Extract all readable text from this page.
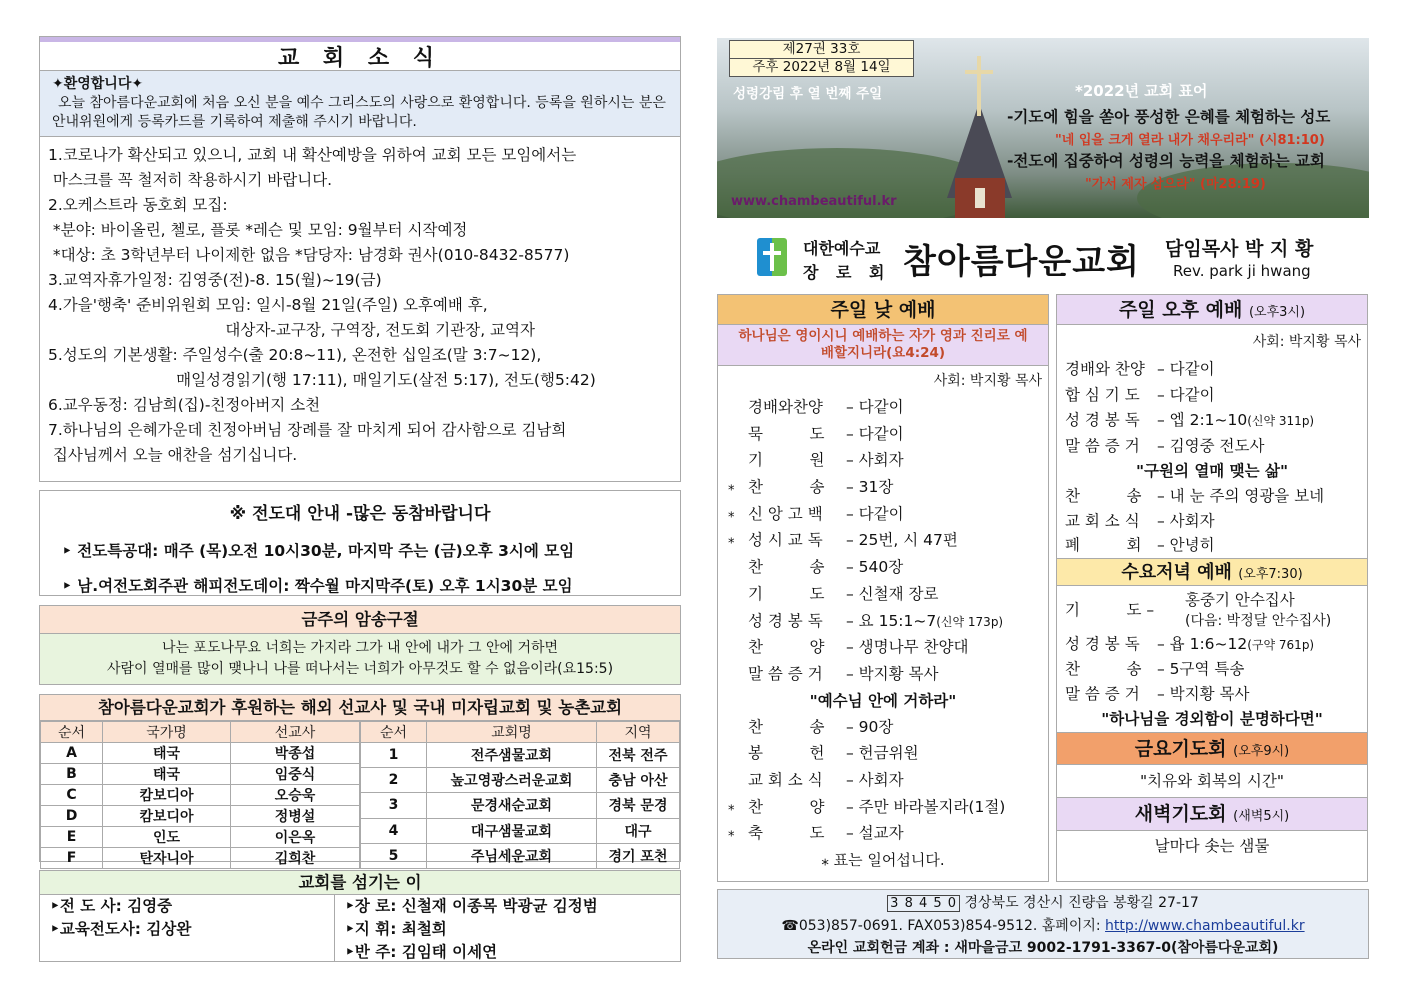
교 회 소 식
✦환영합니다✦
오늘 참아름다운교회에 처음 오신 분을 예수 그리스도의 사랑으로 환영합니다. 등록을 원하시는 분은 안내위원에게 등록카드를 기록하여 제출해 주시기 바랍니다.
1.코로나가 확산되고 있으니, 교회 내 확산예방을 위하여 교회 모든 모임에서는
마스크를 꼭 철저히 착용하시기 바랍니다.
2.오케스트라 동호회 모집:
*분야: 바이올린, 첼로, 플롯 *레슨 및 모임: 9월부터 시작예정
*대상: 초 3학년부터 나이제한 없음 *담당자: 남경화 권사(010-8432-8577)
3.교역자휴가일정: 김영중(전)-8. 15(월)~19(금)
4.가을'행축' 준비위원회 모임: 일시-8월 21일(주일) 오후예배 후,
대상자-교구장, 구역장, 전도회 기관장, 교역자
5.성도의 기본생활: 주일성수(출 20:8~11), 온전한 십일조(말 3:7~12),
매일성경읽기(행 17:11), 매일기도(살전 5:17), 전도(행5:42)
6.교우동정: 김남희(집)-친정아버지 소천
7.하나님의 은혜가운데 친정아버님 장례를 잘 마치게 되어 감사함으로 김남희
집사님께서 오늘 애찬을 섬기십니다.
※ 전도대 안내 -많은 동참바랍니다
‣ 전도특공대: 매주 (목)오전 10시30분, 마지막 주는 (금)오후 3시에 모임
‣ 남.여전도회주관 해피전도데이: 짝수월 마지막주(토) 오후 1시30분 모임
금주의 암송구절
나는 포도나무요 너희는 가지라 그가 내 안에 내가 그 안에 거하면
사람이 열매를 많이 맺나니 나를 떠나서는 너희가 아무것도 할 수 없음이라(요15:5)
참아름다운교회가 후원하는 해외 선교사 및 국내 미자립교회 및 농촌교회
순서	국가명	선교사
A	태국	박종섭
B	태국	임중식
C	캄보디아	오승욱
D	캄보디아	정병설
E	인도	이은옥
F	탄자니아	김희찬
순서	교회명	지역
1	전주샘물교회	전북 전주
2	높고영광스러운교회	충남 아산
3	문경새순교회	경북 문경
4	대구샘물교회	대구
5	주님세운교회	경기 포천
교회를 섬기는 이
‣전 도 사: 김영중
‣교육전도사: 김상완
‣장 로: 신철재 이종목 박광균 김정범
‣지 휘: 최철희
‣반 주: 김임태 이세연
제27권 33호
주후 2022년 8월 14일
성령강림 후 열 번째 주일	*2022년 교회 표어
-기도에 힘을 쏟아 풍성한 은혜를 체험하는 성도
"네 입을 크게 열라 내가 채우리라" (시81:10)
-전도에 집중하여 성령의 능력을 체험하는 교회
"가서 제자 삼으라" (마28:19)
www.chambeautiful.kr
대한예수교
장 로 회 참아름다운교회 담임목사 박 지 황
Rev. park ji hwang
주일 낮 예배
하나님은 영이시니 예배하는 자가 영과 진리로 예배할지니라(요4:24)
사회: 박지황 목사
경배와찬양 – 다같이
묵　　　도 – 다같이
기　　　원 – 사회자
⁎ 찬　　　송 – 31장
⁎ 신 앙 고 백 – 다같이
⁎ 성 시 교 독 – 25번, 시 47편
찬　　　송 – 540장
기　　　도 – 신철재 장로
성 경 봉 독 – 요 15:1~7(신약 173p)
찬　　　양 – 생명나무 찬양대
말 씀 증 거 – 박지황 목사
"예수님 안에 거하라"
찬　　　송 – 90장
봉　　　헌 – 헌금위원
교 회 소 식 – 사회자
⁎ 찬　　　양 – 주만 바라볼지라(1절)
⁎ 축　　　도 – 설교자
⁎ 표는 일어섭니다.
주일 오후 예배 (오후3시)
사회: 박지황 목사
경배와 찬양 – 다같이
합 심 기 도 – 다같이
성 경 봉 독 – 엡 2:1~10(신약 311p)
말 씀 증 거 – 김영중 전도사
"구원의 열매 맺는 삶"
찬　　　송 – 내 눈 주의 영광을 보네
교 회 소 식 – 사회자
폐　　　회 – 안녕히
수요저녁 예배 (오후7:30)
기　　　도 –
홍중기 안수집사
(다음: 박정달 안수집사)
성 경 봉 독 – 욥 1:6~12(구약 761p)
찬　　　송 – 5구역 특송
말 씀 증 거 – 박지황 목사
"하나님을 경외함이 분명하다면"
금요기도회 (오후9시)
"치유와 회복의 시간"
새벽기도회 (새벽5시)
날마다 솟는 샘물
3 8 4 5 0 경상북도 경산시 진량읍 봉황길 27-17
☎053)857-0691. FAX053)854-9512. 홈페이지: http://www.chambeautiful.kr
온라인 교회헌금 계좌 : 새마을금고 9002-1791-3367-0(참아름다운교회)
